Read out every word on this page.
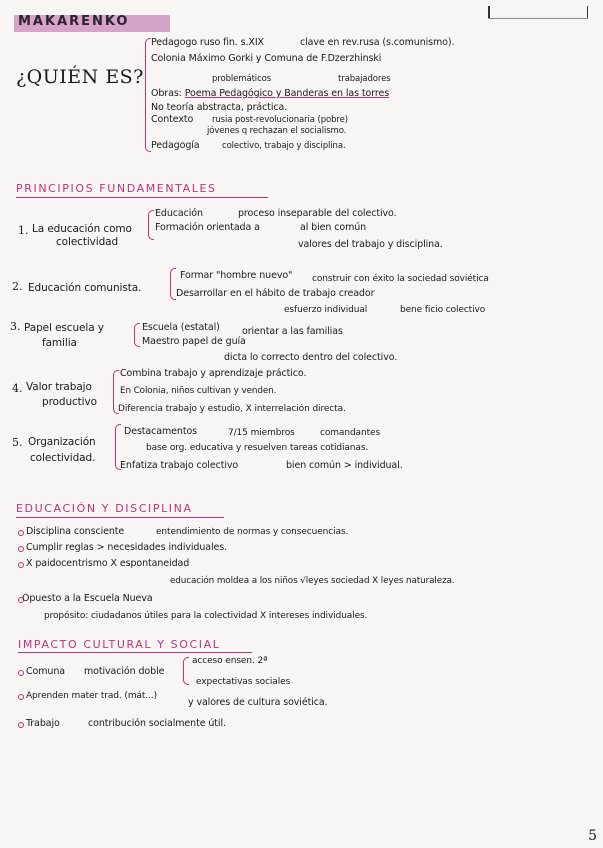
MAKARENKO
¿QUIÉN ES?
Pedagogo ruso fin. s.XIX	clave en rev.rusa (s.comunismo).
Colonia Máximo Gorki y Comuna de F.Dzerzhinski
problemáticos	trabajadores
Obras: Poema Pedagógico y Banderas en las torres
No teoría abstracta, práctica.
Contexto rusia post-revolucionaria (pobre)
jóvenes q rechazan el socialismo.
Pedagogía	colectivo, trabajo y disciplina.
PRINCIPIOS FUNDAMENTALES
1. La educación como
colectividad
Educación	proceso inseparable del colectivo.
Formación orientada a	al bien común
valores del trabajo y disciplina.
2. Educación comunista.
Formar "hombre nuevo" construir con éxito la sociedad soviética
Desarrollar en el hábito de trabajo creador
esfuerzo individual	bene ficio colectivo
3. Papel escuela y
familia
Escuela (estatal) orientar a las familias
Maestro papel de guía
dicta lo correcto dentro del colectivo.
4. Valor trabajo
productivo
Combina trabajo y aprendizaje práctico.
En Colonia, niños cultivan y venden.
Diferencia trabajo y estudio, X interrelación directa.
5. Organización
colectividad.
Destacamentos	7/15 miembros	comandantes
base org. educativa y resuelven tareas cotidianas.
Enfatiza trabajo colectivo	bien común > individual.
EDUCACIÓN Y DISCIPLINA
Disciplina consciente	entendimiento de normas y consecuencias.
Cumplir reglas > necesidades individuales.
X paidocentrismo X espontaneidad
educación moldea a los niños √leyes sociedad X leyes naturaleza.
Opuesto a la Escuela Nueva
propósito: ciudadanos útiles para la colectividad X intereses individuales.
IMPACTO CULTURAL Y SOCIAL
Comuna motivación doble
acceso ensen. 2ª
expectativas sociales
Aprenden mater trad. (mát...)
y valores de cultura soviética.
Trabajo	contribución socialmente útil.
5
